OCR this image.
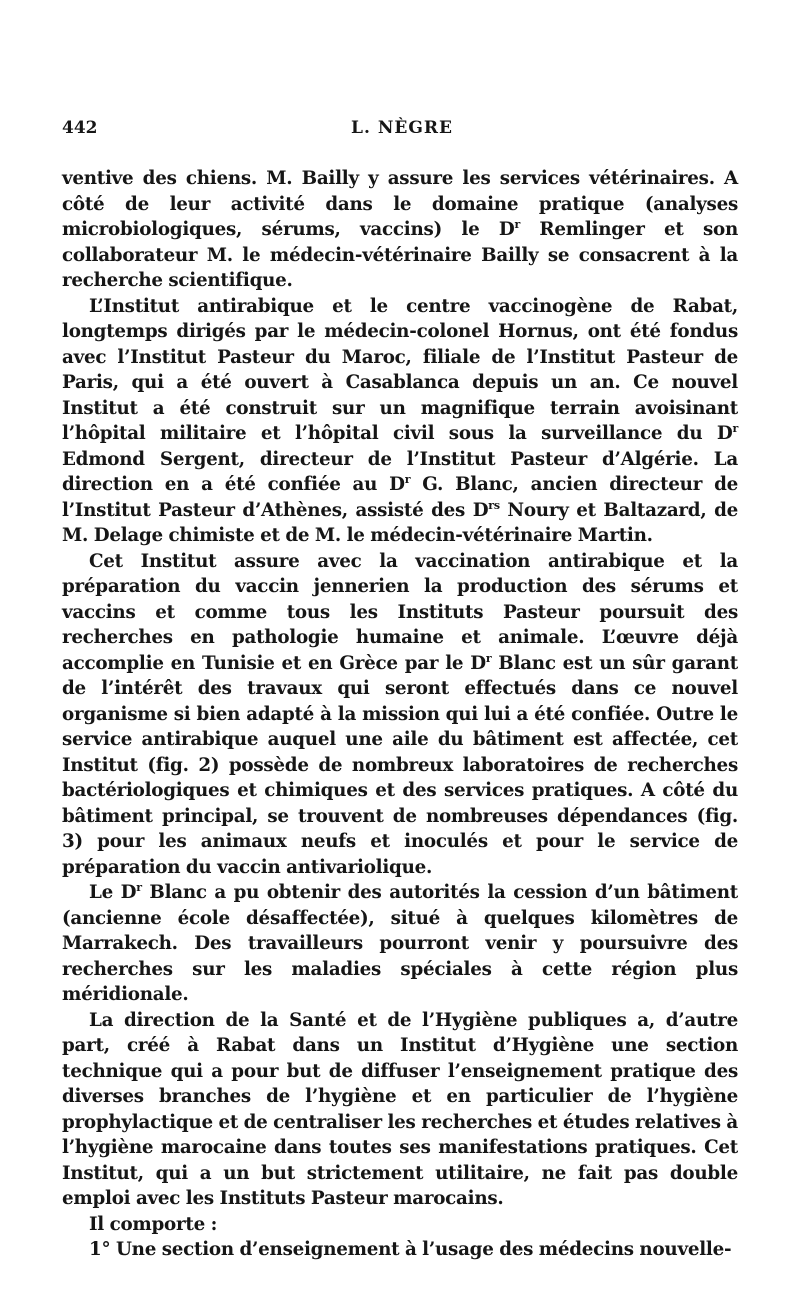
442	L. NÈGRE

ventive des chiens. M. Bailly y assure les services vétérinaires. A côté de leur activité dans le domaine pratique (analyses microbiologiques, sérums, vaccins) le $D^r$ Remlinger et son collaborateur M. le médecin-vétérinaire Bailly se consacrent à la recherche scientifique.

L’Institut antirabique et le centre vaccinogène de Rabat, longtemps dirigés par le médecin-colonel Hornus, ont été fondus avec l’Institut Pasteur du Maroc, filiale de l’Institut Pasteur de Paris, qui a été ouvert à Casablanca depuis un an. Ce nouvel Institut a été construit sur un magnifique terrain avoisinant l’hôpital militaire et l’hôpital civil sous la surveillance du $D^r$ Edmond Sergent, directeur de l’Institut Pasteur d’Algérie. La direction en a été confiée au $D^r$ G. Blanc, ancien directeur de l’Institut Pasteur d’Athènes, assisté des $D^{rs}$ Noury et Baltazard, de M. Delage chimiste et de M. le médecin-vétérinaire Martin.

Cet Institut assure avec la vaccination antirabique et la préparation du vaccin jennerien la production des sérums et vaccins et comme tous les Instituts Pasteur poursuit des recherches en pathologie humaine et animale. L’œuvre déjà accomplie en Tunisie et en Grèce par le $D^r$ Blanc est un sûr garant de l’intérêt des travaux qui seront effectués dans ce nouvel organisme si bien adapté à la mission qui lui a été confiée. Outre le service antirabique auquel une aile du bâtiment est affectée, cet Institut (fig. 2) possède de nombreux laboratoires de recherches bactériologiques et chimiques et des services pratiques. A côté du bâtiment principal, se trouvent de nombreuses dépendances (fig. 3) pour les animaux neufs et inoculés et pour le service de préparation du vaccin antivariolique.

Le $D^r$ Blanc a pu obtenir des autorités la cession d’un bâtiment (ancienne école désaffectée), situé à quelques kilomètres de Marrakech. Des travailleurs pourront venir y poursuivre des recherches sur les maladies spéciales à cette région plus méridionale.

La direction de la Santé et de l’Hygiène publiques a, d’autre part, créé à Rabat dans un Institut d’Hygiène une section technique qui a pour but de diffuser l’enseignement pratique des diverses branches de l’hygiène et en particulier de l’hygiène prophylactique et de centraliser les recherches et études relatives à l’hygiène marocaine dans toutes ses manifestations pratiques. Cet Institut, qui a un but strictement utilitaire, ne fait pas double emploi avec les Instituts Pasteur marocains.

Il comporte :

1° Une section d’enseignement à l’usage des médecins nouvelle-
